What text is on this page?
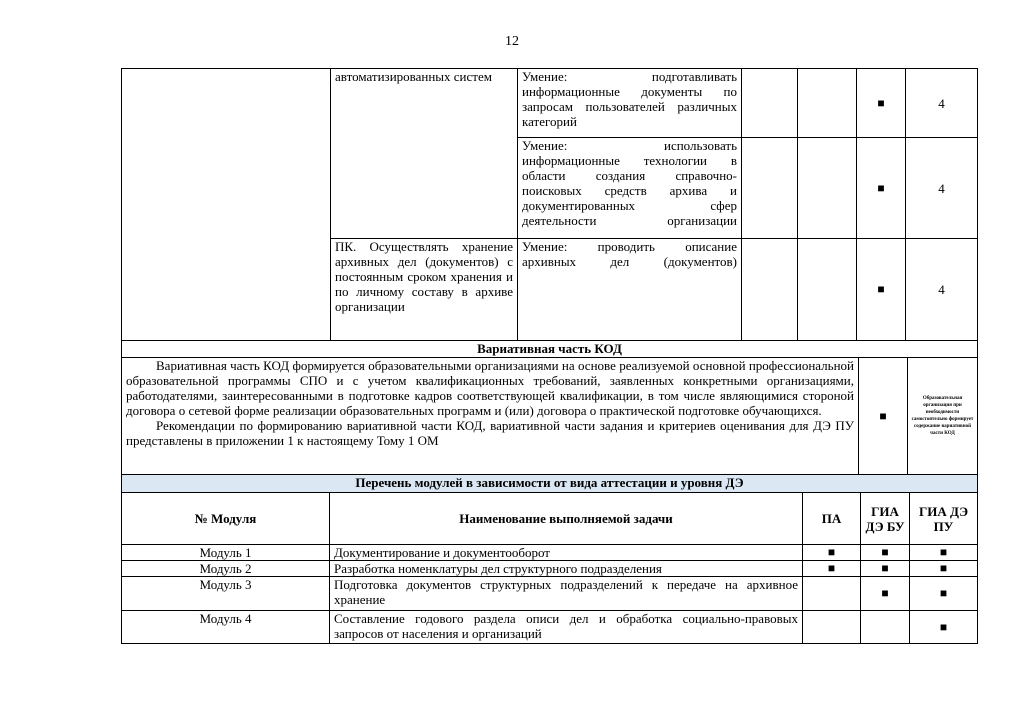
12
	автоматизированных систем	Умение: подготавливать информационные документы по запросам пользователей различных категорий			■	4
		Умение: использовать информационные технологии в области создания справочно-поисковых средств архива и документированных сфер деятельности организации			■	4
	ПК. Осуществлять хранение архивных дел (документов) с постоянным сроком хранения и по личному составу в архиве организации	Умение: проводить описание архивных дел (документов)			■	4
Вариативная часть КОД						
Вариативная часть КОД формируется образовательными организациями на основе реализуемой основной профессиональной образовательной программы СПО и с учетом квалификационных требований, заявленных конкретными организациями, работодателями, заинтересованными в подготовке кадров соответствующей квалификации, в том числе являющимися стороной договора о сетевой форме реализации образовательных программ и (или) договора о практической подготовке обучающихся.
Рекомендации по формированию вариативной части КОД, вариативной части задания и критериев оценивания для ДЭ ПУ представлены в приложении 1 к настоящему Тому 1 ОМ
	■	Образовательная организация при необходимости самостоятельно формирует содержание вариативной части КОД
Перечень модулей в зависимости от вида аттестации и уровня ДЭ
№ Модуля	Наименование выполняемой задачи	ПА	ГИА ДЭ БУ	ГИА ДЭ ПУ
Модуль 1	Документирование и документооборот	■	■	■
Модуль 2	Разработка номенклатуры дел структурного подразделения	■	■	■
Модуль 3	Подготовка документов структурных подразделений к передаче на архивное хранение		■	■
Модуль 4	Составление годового раздела описи дел и обработка социально-правовых запросов от населения и организаций			■
